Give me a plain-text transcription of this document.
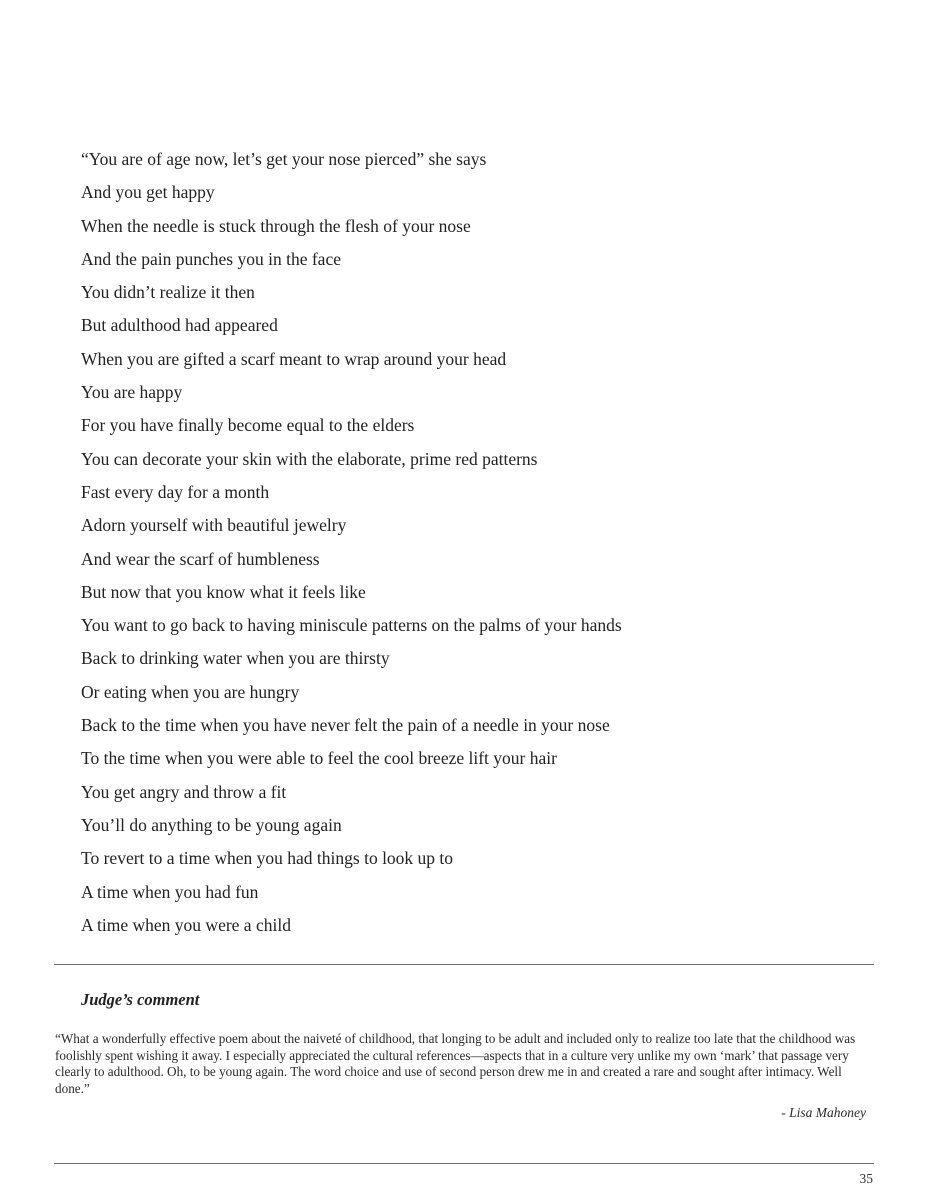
“You are of age now, let’s get your nose pierced” she says
And you get happy
When the needle is stuck through the flesh of your nose
And the pain punches you in the face
You didn’t realize it then
But adulthood had appeared
When you are gifted a scarf meant to wrap around your head
You are happy
For you have finally become equal to the elders
You can decorate your skin with the elaborate, prime red patterns
Fast every day for a month
Adorn yourself with beautiful jewelry
And wear the scarf of humbleness
But now that you know what it feels like
You want to go back to having miniscule patterns on the palms of your hands
Back to drinking water when you are thirsty
Or eating when you are hungry
Back to the time when you have never felt the pain of a needle in your nose
To the time when you were able to feel the cool breeze lift your hair
You get angry and throw a fit
You’ll do anything to be young again
To revert to a time when you had things to look up to
A time when you had fun
A time when you were a child
Judge’s comment

“What a wonderfully effective poem about the naiveté of childhood, that longing to be adult and included only to realize too late that the childhood was foolishly spent wishing it away. I especially appreciated the cultural references—aspects that in a culture very unlike my own ‘mark’ that passage very clearly to adulthood. Oh, to be young again. The word choice and use of second person drew me in and created a rare and sought after intimacy. Well done.”

- Lisa Mahoney

35
